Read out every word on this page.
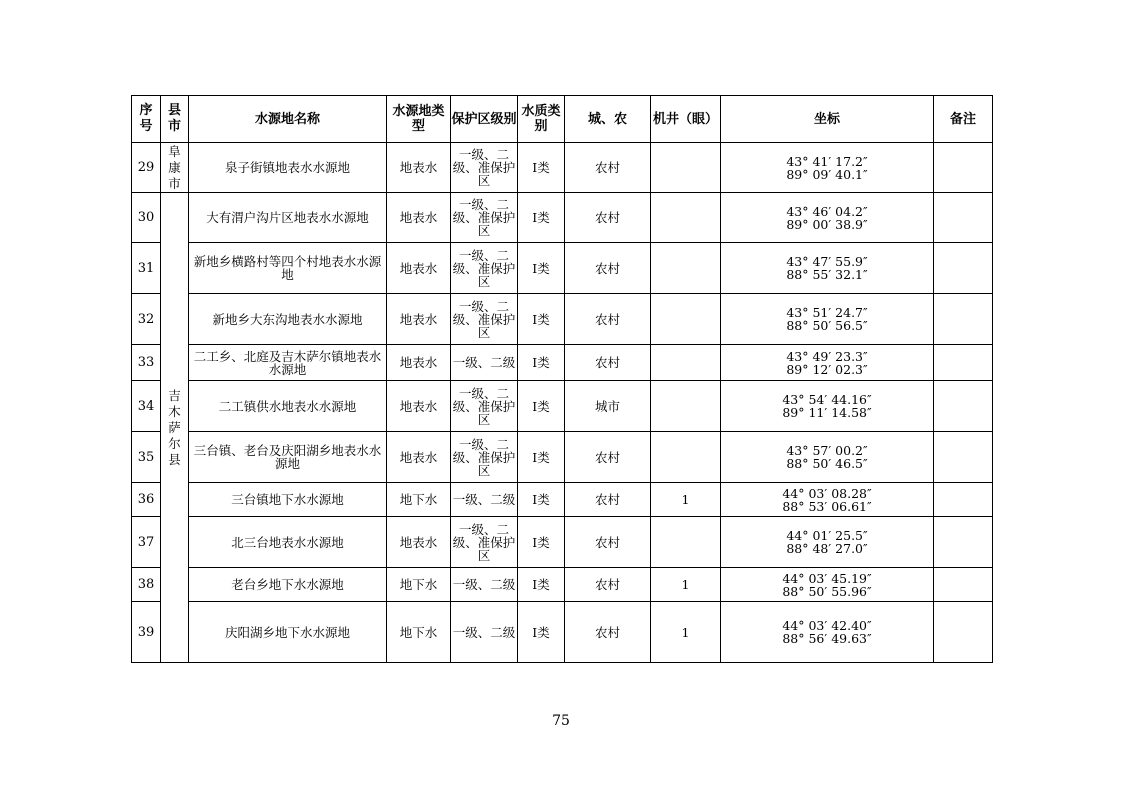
序号	县市	水源地名称	水源地类型	保护区级别	水质类别	城、农	机井（眼）	坐标	备注
29	阜康市	泉子街镇地表水水源地	地表水	一级、二级、准保护区	Ⅰ类	农村		43° 41′ 17.2″
89° 09′ 40.1″	

30	吉木萨尔县	大有渭户沟片区地表水水源地	地表水	一级、二级、准保护区	Ⅰ类	农村		43° 46′ 04.2″
89° 00′ 38.9″	

31		新地乡横路村等四个村地表水水源地	地表水	一级、二级、准保护区	Ⅰ类	农村		43° 47′ 55.9″
88° 55′ 32.1″	

32		新地乡大东沟地表水水源地	地表水	一级、二级、准保护区	Ⅰ类	农村		43° 51′ 24.7″
88° 50′ 56.5″	

33		二工乡、北庭及吉木萨尔镇地表水水源地	地表水	一级、二级	Ⅰ类	农村		43° 49′ 23.3″
89° 12′ 02.3″	

34		二工镇供水地表水水源地	地表水	一级、二级、准保护区	Ⅰ类	城市		43° 54′ 44.16″
89° 11′ 14.58″	

35		三台镇、老台及庆阳湖乡地表水水源地	地表水	一级、二级、准保护区	Ⅰ类	农村		43° 57′ 00.2″
88° 50′ 46.5″	

36		三台镇地下水水源地	地下水	一级、二级	Ⅰ类	农村	1	44° 03′ 08.28″
88° 53′ 06.61″	

37		北三台地表水水源地	地表水	一级、二级、准保护区	Ⅰ类	农村		44° 01′ 25.5″
88° 48′ 27.0″	

38		老台乡地下水水源地	地下水	一级、二级	Ⅰ类	农村	1	44° 03′ 45.19″
88° 50′ 55.96″	

39		庆阳湖乡地下水水源地	地下水	一级、二级	Ⅰ类	农村	1	44° 03′ 42.40″
88° 56′ 49.63″	

75
